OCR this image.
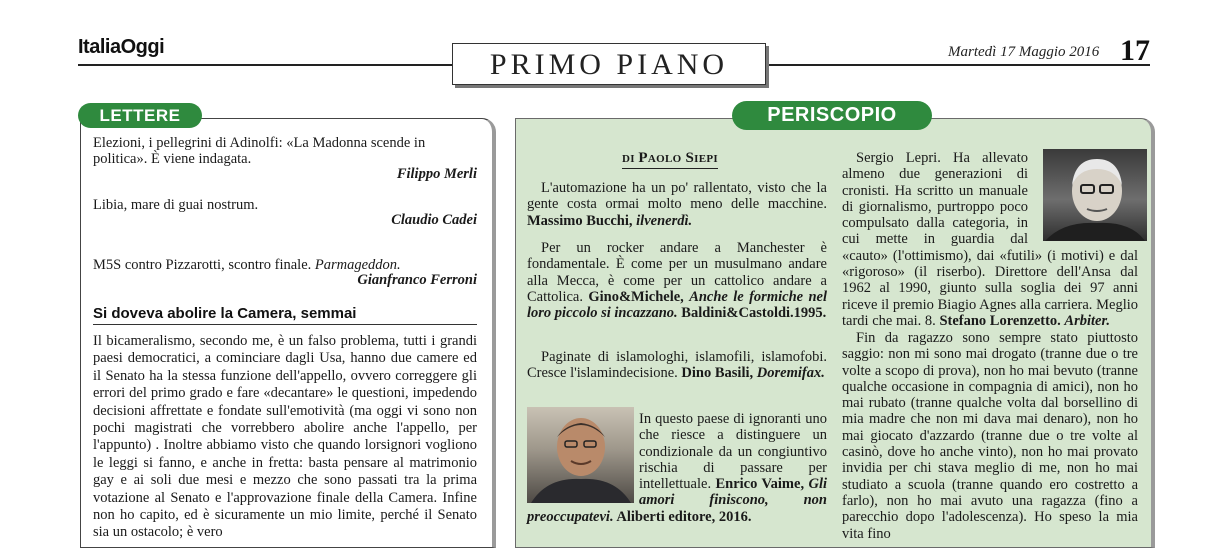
ItaliaOggi
PRIMO PIANO	Martedì 17 Maggio 2016 17
LETTERE
Elezioni, i pellegrini di Adinolfi: «La Madonna scende in politica». È viene indagata.
Filippo Merli
Libia, mare di guai nostrum.
Claudio Cadei
M5S contro Pizzarotti, scontro finale. Parmageddon.
Gianfranco Ferroni
Si doveva abolire la Camera, semmai
Il bicameralismo, secondo me, è un falso problema, tutti i grandi paesi democratici, a cominciare dagli Usa, hanno due camere ed il Senato ha la stessa funzione dell'appello, ovvero correggere gli errori del primo grado e fare «decantare» le questioni, impedendo decisioni affrettate e fondate sull'emotività (ma oggi vi sono non pochi magistrati che vorrebbero abolire anche l'appello, per l'appunto) . Inoltre abbiamo visto che quando lorsignori vogliono le leggi si fanno, e anche in fretta: basta pensare al matrimonio gay e ai soli due mesi e mezzo che sono passati tra la prima votazione al Senato e l'approvazione finale della Camera. Infine non ho capito, ed è sicuramente un mio limite, perché il Senato sia un ostacolo; è vero
PERISCOPIO
di Paolo Siepi
L'automazione ha un po' rallentato, visto che la gente costa ormai molto meno delle macchine. Massimo Bucchi, ilvenerdì.
Per un rocker andare a Manchester è fondamentale. È come per un musulmano andare alla Mecca, è come per un cattolico andare a Cattolica. Gino&Michele, Anche le formiche nel loro piccolo si incazzano. Baldini&Castoldi.1995.
Paginate di islamologhi, islamofili, islamofobi. Cresce l'islamindecisione. Dino Basili, Doremifax.
In questo paese di ignoranti uno che riesce a distinguere un condizionale da un congiuntivo rischia di passare per intellettuale. Enrico Vaime, Gli amori finiscono, non preoccupatevi. Aliberti editore, 2016.
Sergio Lepri. Ha allevato almeno due generazioni di cronisti. Ha scritto un manuale di giornalismo, purtroppo poco compulsato dalla categoria, in cui mette in guardia dal «cauto» (l'ottimismo), dai «futili» (i motivi) e dal «rigoroso» (il riserbo). Direttore dell'Ansa dal 1962 al 1990, giunto sulla soglia dei 97 anni riceve il premio Biagio Agnes alla carriera. Meglio tardi che mai. 8. Stefano Lorenzetto. Arbiter.
Fin da ragazzo sono sempre stato piuttosto saggio: non mi sono mai drogato (tranne due o tre volte a scopo di prova), non ho mai bevuto (tranne qualche occasione in compagnia di amici), non ho mai rubato (tranne qualche volta dal borsellino di mia madre che non mi dava mai denaro), non ho mai giocato d'azzardo (tranne due o tre volte al casinò, dove ho anche vinto), non ho mai provato invidia per chi stava meglio di me, non ho mai studiato a scuola (tranne quando ero costretto a farlo), non ho mai avuto una ragazza (fino a parecchio dopo l'adolescenza). Ho speso la mia vita fino
